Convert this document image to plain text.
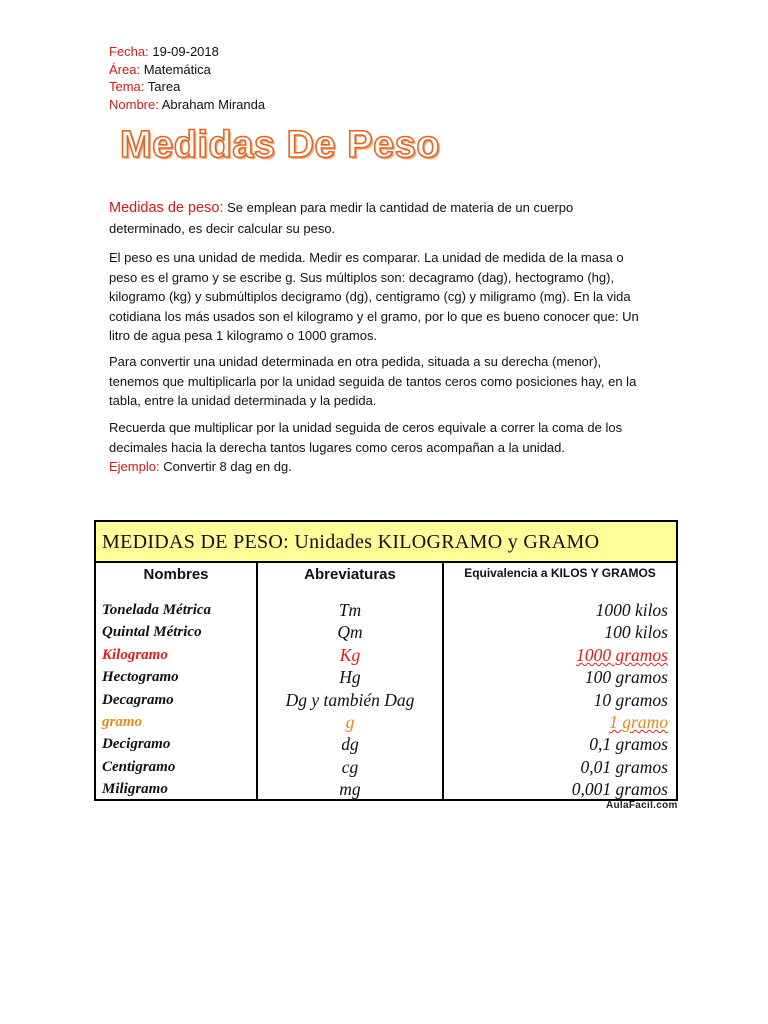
Fecha: 19-09-2018
Área: Matemática
Tema: Tarea
Nombre: Abraham Miranda
Medidas De Peso
Medidas de peso: Se emplean para medir la cantidad de materia de un cuerpo determinado, es decir calcular su peso.
El peso es una unidad de medida. Medir es comparar. La unidad de medida de la masa o peso es el gramo y se escribe g. Sus múltiplos son: decagramo (dag), hectogramo (hg), kilogramo (kg) y submúltiplos decigramo (dg), centigramo (cg) y miligramo (mg). En la vida cotidiana los más usados son el kilogramo y el gramo, por lo que es bueno conocer que: Un litro de agua pesa 1 kilogramo o 1000 gramos.
Para convertir una unidad determinada en otra pedida, situada a su derecha (menor), tenemos que multiplicarla por la unidad seguida de tantos ceros como posiciones hay, en la tabla, entre la unidad determinada y la pedida.
Recuerda que multiplicar por la unidad seguida de ceros equivale a correr la coma de los decimales hacia la derecha tantos lugares como ceros acompañan a la unidad.
Ejemplo: Convertir 8 dag en dg.
MEDIDAS DE PESO: Unidades KILOGRAMO y GRAMO
Nombres
Tonelada Métrica
Quintal Métrico
Kilogramo
Hectogramo
Decagramo
gramo
Decigramo
Centigramo
Miligramo
Abreviaturas
Tm
Qm
Kg
Hg
Dg y también Dag
g
dg
cg
mg
Equivalencia a KILOS Y GRAMOS
1000 kilos
100 kilos
1000 gramos
100 gramos
10 gramos
1 gramo
0,1 gramos
0,01 gramos
0,001 gramos
AulaFacil.com
